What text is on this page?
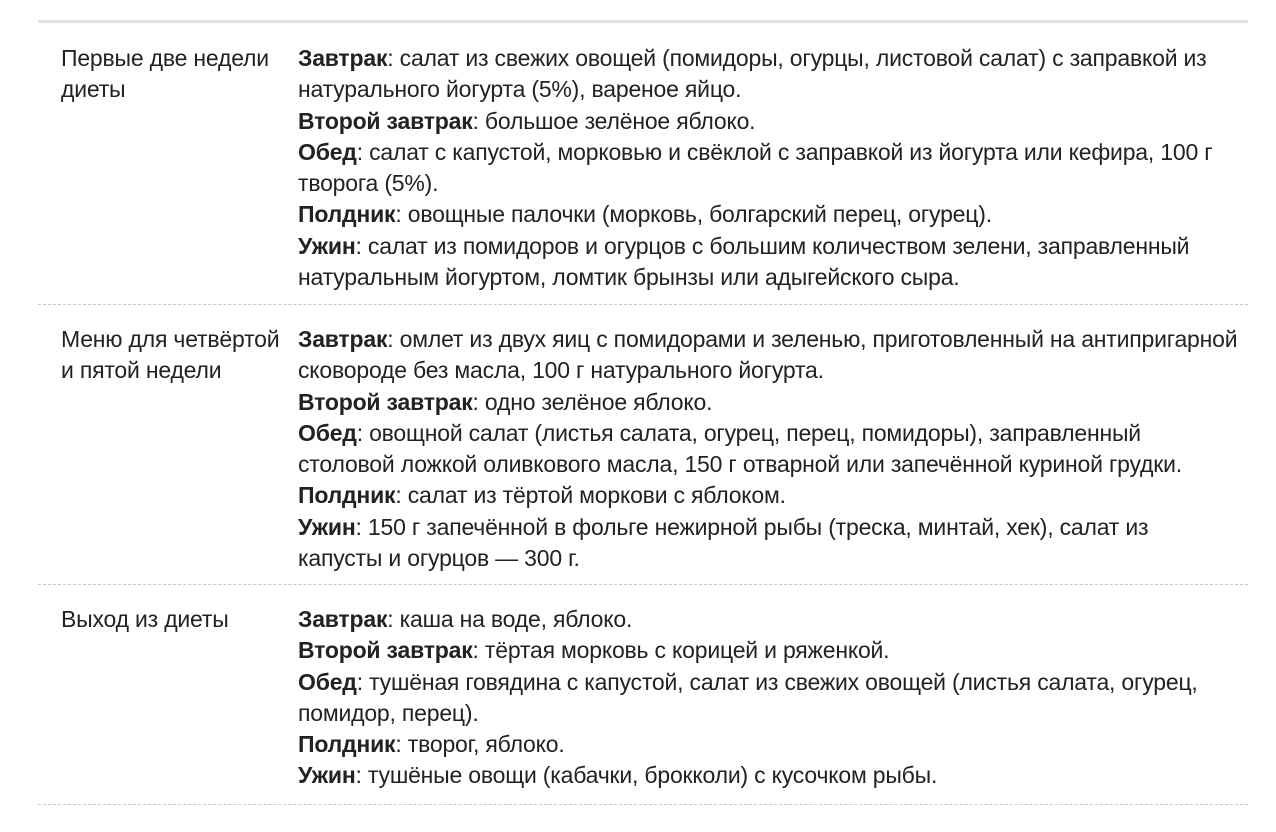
Первые две недели диеты

Завтрак: салат из свежих овощей (помидоры, огурцы, листовой салат) с заправкой из натурального йогурта (5%), вареное яйцо.

Второй завтрак: большое зелёное яблоко.

Обед: салат с капустой, морковью и свёклой с заправкой из йогурта или кефира, 100 г творога (5%).

Полдник: овощные палочки (морковь, болгарский перец, огурец).

Ужин: салат из помидоров и огурцов с большим количеством зелени, заправленный натуральным йогуртом, ломтик брынзы или адыгейского сыра.

Меню для четвёртой и пятой недели

Завтрак: омлет из двух яиц с помидорами и зеленью, приготовленный на антипригарной сковороде без масла, 100 г натурального йогурта.

Второй завтрак: одно зелёное яблоко.

Обед: овощной салат (листья салата, огурец, перец, помидоры), заправленный столовой ложкой оливкового масла, 150 г отварной или запечённой куриной грудки.

Полдник: салат из тёртой моркови с яблоком.

Ужин: 150 г запечённой в фольге нежирной рыбы (треска, минтай, хек), салат из капусты и огурцов — 300 г.

Выход из диеты	Завтрак: каша на воде, яблоко.

Второй завтрак: тёртая морковь с корицей и ряженкой.

Обед: тушёная говядина с капустой, салат из свежих овощей (листья салата, огурец, помидор, перец).

Полдник: творог, яблоко.

Ужин: тушёные овощи (кабачки, брокколи) с кусочком рыбы.
